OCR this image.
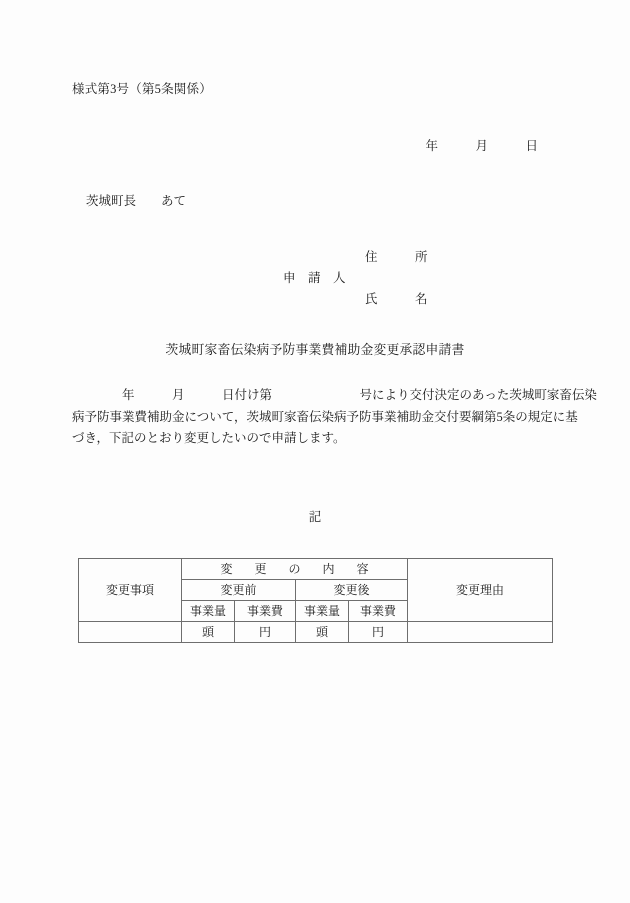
様式第3号（第5条関係）
年　　　月　　　日
茨城町長　　あて
住　　　所
申　請　人
氏　　　名
茨城町家畜伝染病予防事業費補助金変更承認申請書
　　　　年　　　月　　　日付け第　　　　　　　号により交付決定のあった茨城町家畜伝染
病予防事業費補助金について，茨城町家畜伝染病予防事業補助金交付要綱第5条の規定に基
づき，下記のとおり変更したいので申請します。
記
変更事項	変　更　の　内　容				変更理由
	変更前		変更後		
	事業量	事業費	事業量	事業費	
	頭	円	頭	円	
